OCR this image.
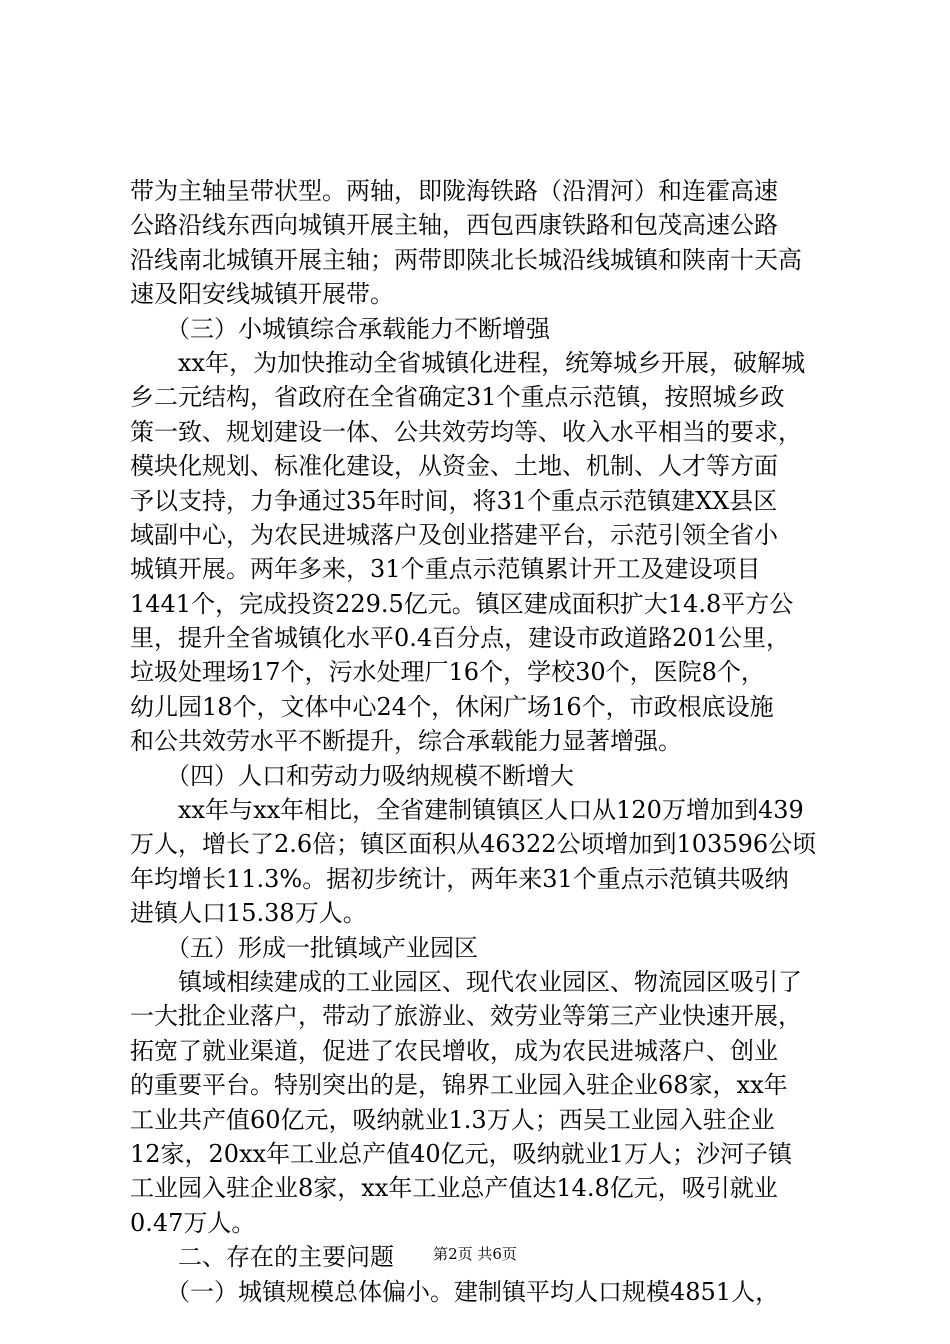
带为主轴呈带状型。两轴，即陇海铁路（沿渭河）和连霍高速
公路沿线东西向城镇开展主轴，西包西康铁路和包茂高速公路
沿线南北城镇开展主轴；两带即陕北长城沿线城镇和陕南十天高
速及阳安线城镇开展带。
　　（三）小城镇综合承载能力不断增强
　　xx年，为加快推动全省城镇化进程，统筹城乡开展，破解城
乡二元结构，省政府在全省确定31个重点示范镇，按照城乡政
策一致、规划建设一体、公共效劳均等、收入水平相当的要求，
模块化规划、标准化建设，从资金、土地、机制、人才等方面
予以支持，力争通过35年时间，将31个重点示范镇建XX县区
域副中心，为农民进城落户及创业搭建平台，示范引领全省小
城镇开展。两年多来，31个重点示范镇累计开工及建设项目
1441个，完成投资229.5亿元。镇区建成面积扩大14.8平方公
里，提升全省城镇化水平0.4百分点，建设市政道路201公里，
垃圾处理场17个，污水处理厂16个，学校30个，医院8个，
幼儿园18个，文体中心24个，休闲广场16个，市政根底设施
和公共效劳水平不断提升，综合承载能力显著增强。
　　（四）人口和劳动力吸纳规模不断增大
　　xx年与xx年相比，全省建制镇镇区人口从120万增加到439
万人，增长了2.6倍；镇区面积从46322公顷增加到103596公顷
年均增长11.3%。据初步统计，两年来31个重点示范镇共吸纳
进镇人口15.38万人。
　　（五）形成一批镇域产业园区
　　镇域相续建成的工业园区、现代农业园区、物流园区吸引了
一大批企业落户，带动了旅游业、效劳业等第三产业快速开展，
拓宽了就业渠道，促进了农民增收，成为农民进城落户、创业
的重要平台。特别突出的是，锦界工业园入驻企业68家，xx年
工业共产值60亿元，吸纳就业1.3万人；西吴工业园入驻企业
12家，20xx年工业总产值40亿元，吸纳就业1万人；沙河子镇
工业园入驻企业8家，xx年工业总产值达14.8亿元，吸引就业
0.47万人。
　　二、存在的主要问题
　　（一）城镇规模总体偏小。建制镇平均人口规模4851人，
第2页 共6页
